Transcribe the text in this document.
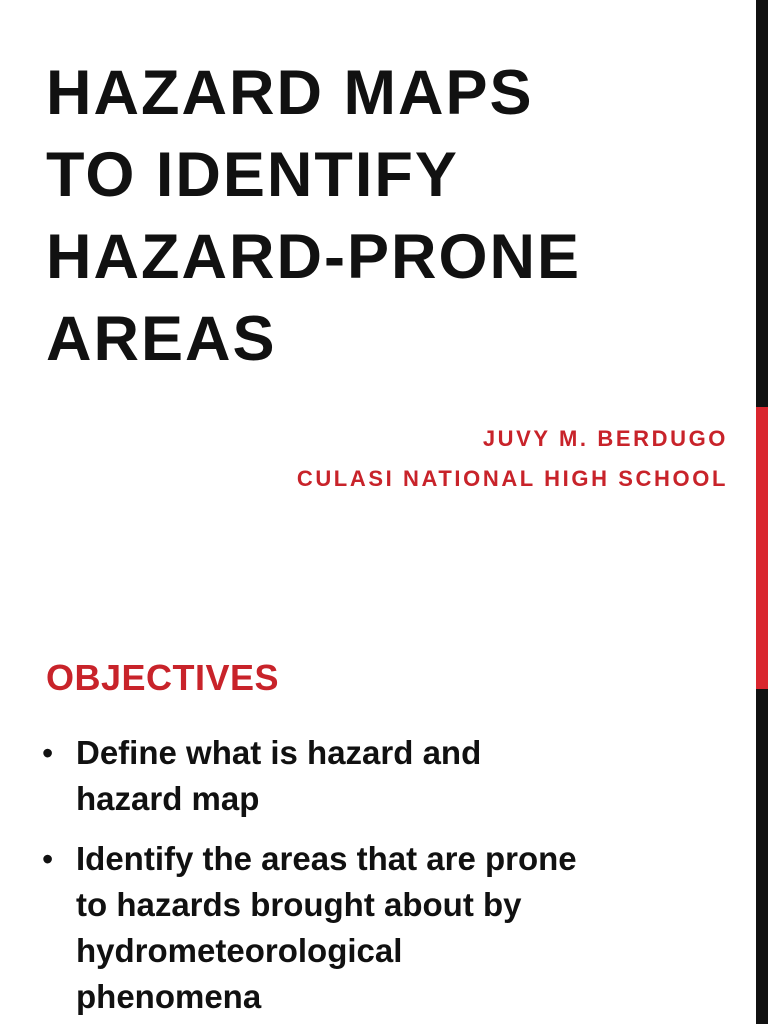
HAZARD MAPS
TO IDENTIFY
HAZARD-PRONE
AREAS
JUVY M. BERDUGO
CULASI NATIONAL HIGH SCHOOL
OBJECTIVES
• Define what is hazard and
hazard map
• Identify the areas that are prone
to hazards brought about by
hydrometeorological
phenomena
